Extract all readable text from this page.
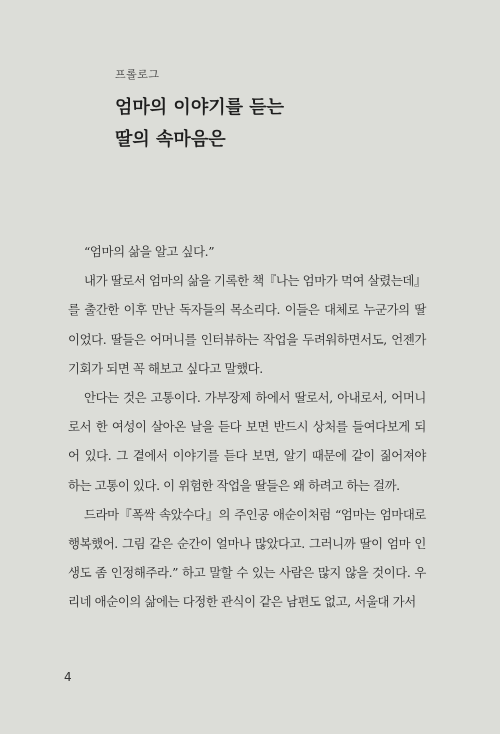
프롤로그
엄마의 이야기를 듣는
딸의 속마음은

“엄마의 삶을 알고 싶다.”

내가 딸로서 엄마의 삶을 기록한 책『나는 엄마가 먹여 살렸는데』를 출간한 이후 만난 독자들의 목소리다. 이들은 대체로 누군가의 딸이었다. 딸들은 어머니를 인터뷰하는 작업을 두려워하면서도, 언젠가 기회가 되면 꼭 해보고 싶다고 말했다.

안다는 것은 고통이다. 가부장제 하에서 딸로서, 아내로서, 어머니로서 한 여성이 살아온 날을 듣다 보면 반드시 상처를 들여다보게 되어 있다. 그 곁에서 이야기를 듣다 보면, 알기 때문에 같이 짊어져야 하는 고통이 있다. 이 위험한 작업을 딸들은 왜 하려고 하는 걸까.

드라마『폭싹 속았수다』의 주인공 애순이처럼 “엄마는 엄마대로 행복했어. 그림 같은 순간이 얼마나 많았다고. 그러니까 딸이 엄마 인생도 좀 인정해주라.” 하고 말할 수 있는 사람은 많지 않을 것이다. 우리네 애순이의 삶에는 다정한 관식이 같은 남편도 없고, 서울대 가서

4
